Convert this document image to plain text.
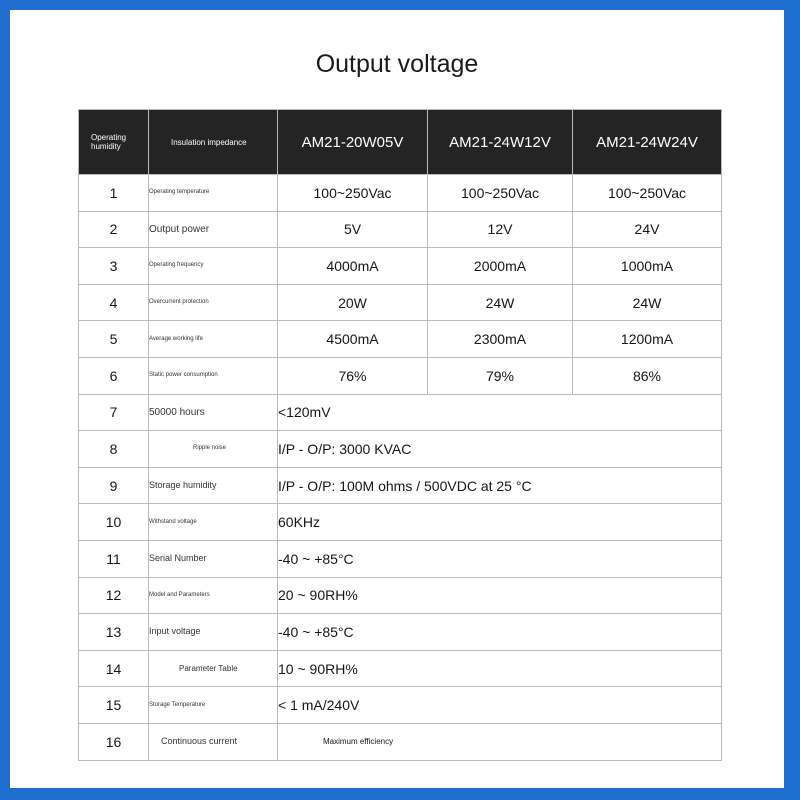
Output voltage
Operating humidity	Insulation impedance	AM21-20W05V	AM21-24W12V	AM21-24W24V
1	Operating temperature	100~250Vac	100~250Vac	100~250Vac
2	Output power	5V	12V	24V
3	Operating frequency	4000mA	2000mA	1000mA
4	Overcurrent protection	20W	24W	24W
5	Average working life	4500mA	2300mA	1200mA
6	Static power consumption	76%	79%	86%
7	50000 hours	<120mV		
8	Ripple noise	I/P - O/P: 3000 KVAC		
9	Storage humidity	I/P - O/P: 100M ohms / 500VDC at 25 °C		
10	Withstand voltage	60KHz		
11	Serial Number	-40 ~ +85°C		
12	Model and Parameters	20 ~ 90RH%		
13	Input voltage	-40 ~ +85°C		
14	Parameter Table	10 ~ 90RH%		
15	Storage Temperature	< 1 mA/240V		
16	Continuous current	Maximum efficiency		
